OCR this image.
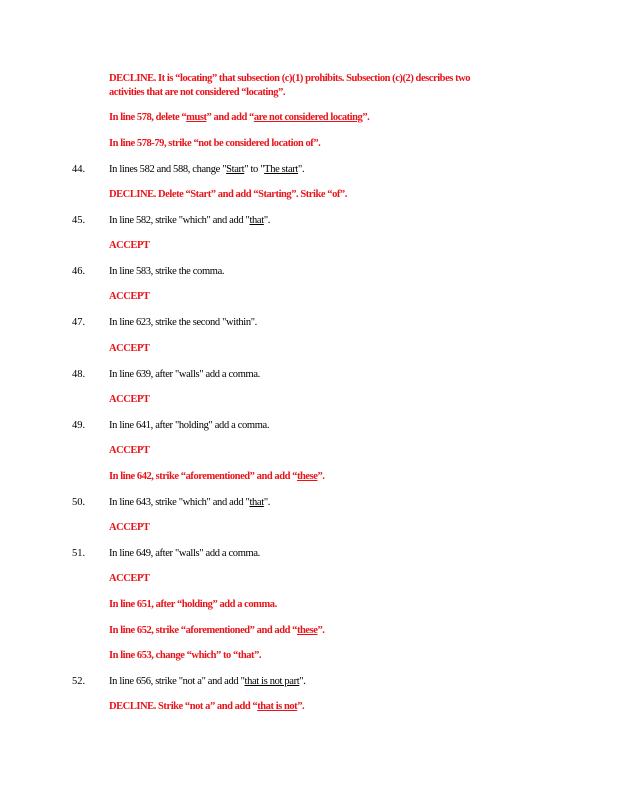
DECLINE. It is “locating” that subsection (c)(1) prohibits. Subsection (c)(2) describes two
activities that are not considered “locating”.
In line 578, delete “must” and add “are not considered locating”.
In line 578-79, strike “not be considered location of”.
44. In lines 582 and 588, change "Start" to "The start".
DECLINE. Delete “Start” and add “Starting”. Strike “of”.
45. In line 582, strike "which" and add "that".
ACCEPT
46. In line 583, strike the comma.
ACCEPT
47. In line 623, strike the second "within".
ACCEPT
48. In line 639, after "walls" add a comma.
ACCEPT
49. In line 641, after "holding" add a comma.
ACCEPT
In line 642, strike “aforementioned” and add “these”.
50. In line 643, strike "which" and add "that".
ACCEPT
51. In line 649, after "walls" add a comma.
ACCEPT
In line 651, after “holding” add a comma.
In line 652, strike “aforementioned” and add “these”.
In line 653, change “which” to “that”.
52. In line 656, strike "not a" and add "that is not part".
DECLINE. Strike “not a” and add “that is not”.
